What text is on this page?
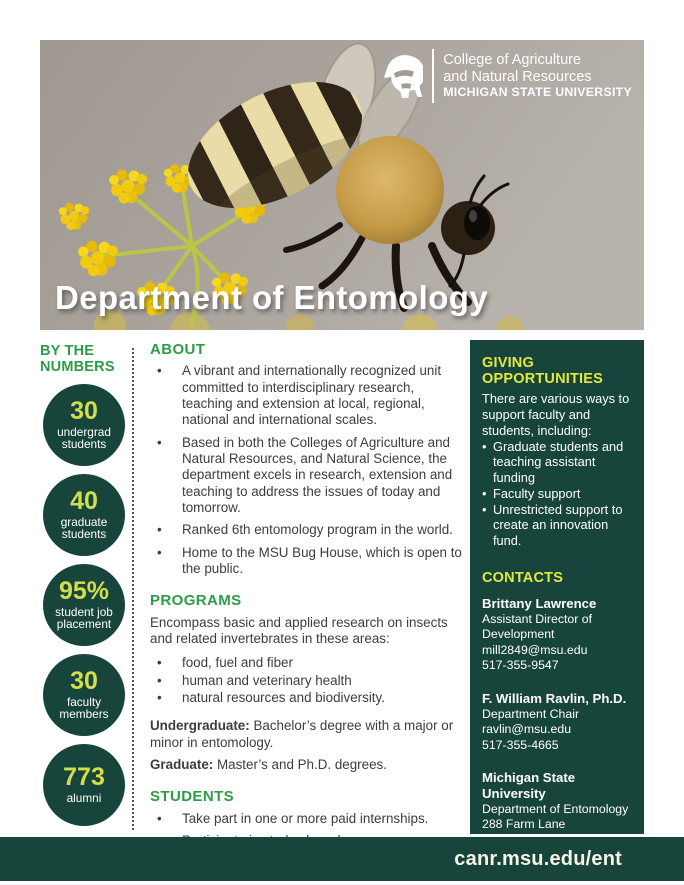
College of Agriculture
and Natural Resources
MICHIGAN STATE UNIVERSITY
Department of Entomology
BY THE NUMBERS
30
undergrad students
40
graduate students
95%
student job placement
30
faculty members
773
alumni
ABOUT
•
A vibrant and internationally recognized unit committed to interdisciplinary research, teaching and extension at local, regional, national and international scales.
•
Based in both the Colleges of Agriculture and Natural Resources, and Natural Science, the department excels in research, extension and teaching to address the issues of today and tomorrow.
•
Ranked 6th entomology program in the world.
•
Home to the MSU Bug House, which is open to the public.
PROGRAMS
Encompass basic and applied research on insects and related invertebrates in these areas:
•
food, fuel and fiber
•
human and veterinary health
•
natural resources and biodiversity.
Undergraduate: Bachelor’s degree with a major or minor in entomology.
Graduate: Master’s and Ph.D. degrees.
STUDENTS
•
Take part in one or more paid internships.
•
GIVING OPPORTUNITIES
There are various ways to support faculty and students, including:
•
Graduate students and teaching assistant funding
•
Faculty support
•
Unrestricted support to create an innovation fund.
CONTACTS
Brittany Lawrence
Assistant Director of Development
mill2849@msu.edu
517-355-9547
F. William Ravlin, Ph.D.
Department Chair
ravlin@msu.edu
517-355-4665
Michigan State University
Department of Entomology
288 Farm Lane
canr.msu.edu/ent
